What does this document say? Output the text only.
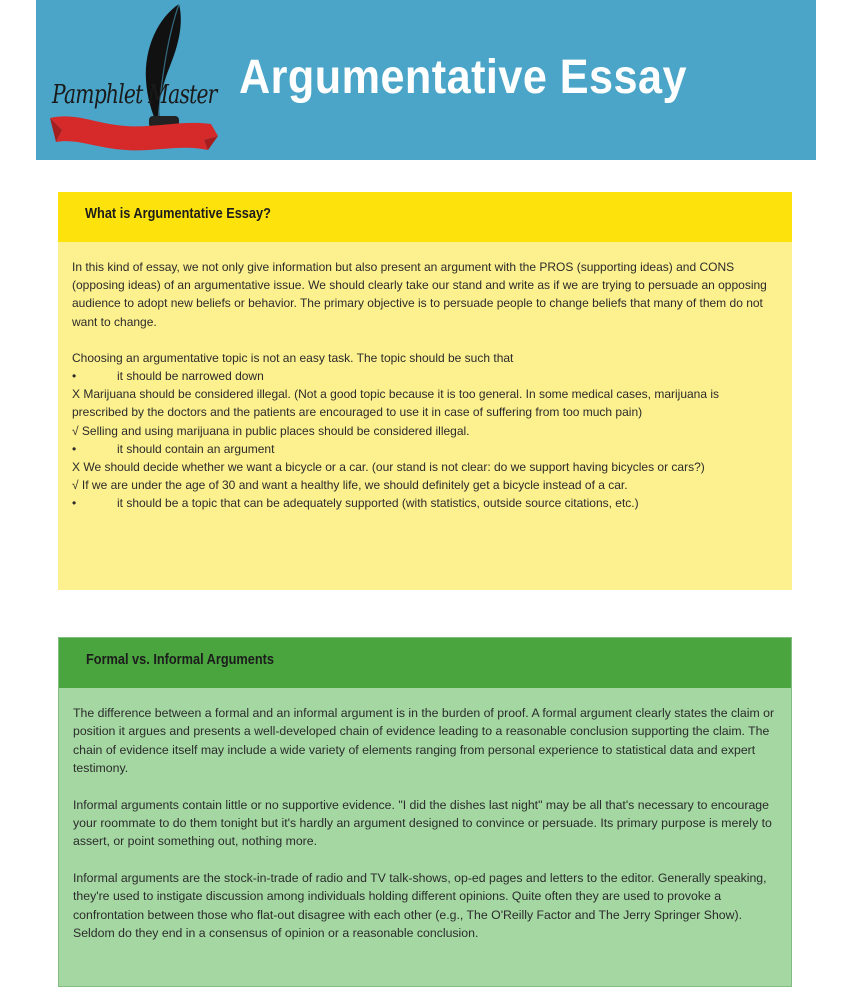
Pamphlet Master Argumentative Essay
What is Argumentative Essay?

In this kind of essay, we not only give information but also present an argument with the PROS (supporting ideas) and CONS (opposing ideas) of an argumentative issue. We should clearly take our stand and write as if we are trying to persuade an opposing audience to adopt new beliefs or behavior. The primary objective is to persuade people to change beliefs that many of them do not want to change.

Choosing an argumentative topic is not an easy task. The topic should be such that
•	it should be narrowed down
X Marijuana should be considered illegal. (Not a good topic because it is too general. In some medical cases, marijuana is prescribed by the doctors and the patients are encouraged to use it in case of suffering from too much pain)
√ Selling and using marijuana in public places should be considered illegal.
•	it should contain an argument
X We should decide whether we want a bicycle or a car. (our stand is not clear: do we support having bicycles or cars?)
√ If we are under the age of 30 and want a healthy life, we should definitely get a bicycle instead of a car.
•	it should be a topic that can be adequately supported (with statistics, outside source citations, etc.)
Formal vs. Informal Arguments

The difference between a formal and an informal argument is in the burden of proof. A formal argument clearly states the claim or position it argues and presents a well-developed chain of evidence leading to a reasonable conclusion supporting the claim. The chain of evidence itself may include a wide variety of elements ranging from personal experience to statistical data and expert testimony.

Informal arguments contain little or no supportive evidence. "I did the dishes last night" may be all that's necessary to encourage your roommate to do them tonight but it's hardly an argument designed to convince or persuade. Its primary purpose is merely to assert, or point something out, nothing more.

Informal arguments are the stock-in-trade of radio and TV talk-shows, op-ed pages and letters to the editor. Generally speaking, they're used to instigate discussion among individuals holding different opinions. Quite often they are used to provoke a confrontation between those who flat-out disagree with each other (e.g., The O'Reilly Factor and The Jerry Springer Show). Seldom do they end in a consensus of opinion or a reasonable conclusion.
